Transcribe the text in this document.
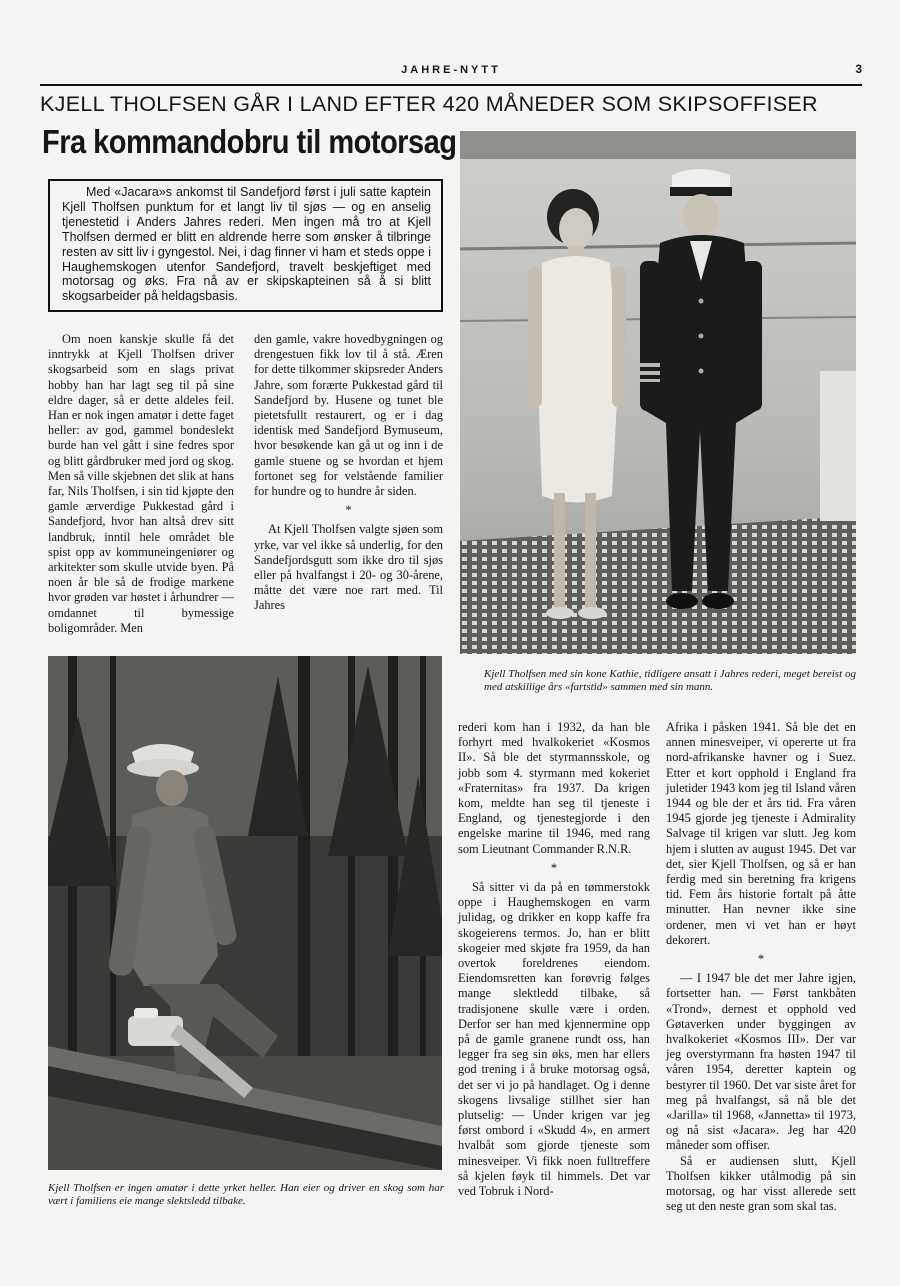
JAHRE-NYTT	3
KJELL THOLFSEN GÅR I LAND EFTER 420 MÅNEDER SOM SKIPSOFFISER
Fra kommandobru til motorsag
Med «Jacara»s ankomst til Sandefjord først i juli satte kaptein Kjell Tholfsen punktum for et langt liv til sjøs — og en anselig tjenestetid i Anders Jahres rederi. Men ingen må tro at Kjell Tholfsen dermed er blitt en aldrende herre som ønsker å tilbringe resten av sitt liv i gyngestol. Nei, i dag finner vi ham et steds oppe i Haughemskogen utenfor Sandefjord, travelt beskjeftiget med motorsag og øks. Fra nå av er skipskapteinen så å si blitt skogsarbeider på heldagsbasis.

Om noen kanskje skulle få det inntrykk at Kjell Tholfsen driver skogsarbeid som en slags privat hobby han har lagt seg til på sine eldre dager, så er dette aldeles feil. Han er nok ingen amatør i dette faget heller: av god, gammel bondeslekt burde han vel gått i sine fedres spor og blitt gårdbruker med jord og skog. Men så ville skjebnen det slik at hans far, Nils Tholfsen, i sin tid kjøpte den gamle ærverdige Pukkestad gård i Sandefjord, hvor han altså drev sitt landbruk, inntil hele området ble spist opp av kommuneingeniører og arkitekter som skulle utvide byen. På noen år ble så de frodige markene hvor grøden var høstet i århundrer — omdannet til bymessige boligområder. Men

den gamle, vakre hovedbygningen og drengestuen fikk lov til å stå. Æren for dette tilkommer skipsreder Anders Jahre, som forærte Pukkestad gård til Sandefjord by. Husene og tunet ble pietetsfullt restaurert, og er i dag identisk med Sandefjord Bymuseum, hvor besøkende kan gå ut og inn i de gamle stuene og se hvordan et hjem fortonet seg for velstående familier for hundre og to hundre år siden.

*

At Kjell Tholfsen valgte sjøen som yrke, var vel ikke så underlig, for den Sandefjordsgutt som ikke dro til sjøs eller på hvalfangst i 20- og 30-årene, måtte det være noe rart med. Til Jahres

Kjell Tholfsen med sin kone Kathie, tidligere ansatt i Jahres rederi, meget bereist og med atskillige års «fartstid» sammen med sin mann.
Kjell Tholfsen er ingen amatør i dette yrket heller. Han eier og driver en skog som har vært i familiens eie mange slektsledd tilbake.

rederi kom han i 1932, da han ble forhyrt med hvalkokeriet «Kosmos II». Så ble det styrmannsskole, og jobb som 4. styrmann med kokeriet «Fraternitas» fra 1937. Da krigen kom, meldte han seg til tjeneste i England, og tjenestegjorde i den engelske marine til 1946, med rang som Lieutnant Commander R.N.R.

*

Så sitter vi da på en tømmerstokk oppe i Haughemskogen en varm julidag, og drikker en kopp kaffe fra skogeierens termos. Jo, han er blitt skogeier med skjøte fra 1959, da han overtok foreldrenes eiendom. Eiendomsretten kan forøvrig følges mange slektledd tilbake, så tradisjonene skulle være i orden. Derfor ser han med kjennermine opp på de gamle granene rundt oss, han legger fra seg sin øks, men har ellers god trening i å bruke motorsag også, det ser vi jo på handlaget. Og i denne skogens livsalige stillhet sier han plutselig: — Under krigen var jeg først ombord i «Skudd 4», en armert hvalbåt som gjorde tjeneste som minesveiper. Vi fikk noen fulltreffere så kjelen føyk til himmels. Det var ved Tobruk i Nord-

Afrika i påsken 1941. Så ble det en annen minesveiper, vi opererte ut fra nord-afrikanske havner og i Suez. Etter et kort opphold i England fra juletider 1943 kom jeg til Island våren 1944 og ble der et års tid. Fra våren 1945 gjorde jeg tjeneste i Admirality Salvage til krigen var slutt. Jeg kom hjem i slutten av august 1945. Det var det, sier Kjell Tholfsen, og så er han ferdig med sin beretning fra krigens tid. Fem års historie fortalt på åtte minutter. Han nevner ikke sine ordener, men vi vet han er høyt dekorert.

*

— I 1947 ble det mer Jahre igjen, fortsetter han. — Først tankbåten «Trond», dernest et opphold ved Gøtaverken under byggingen av hvalkokeriet «Kosmos III». Der var jeg overstyrmann fra høsten 1947 til våren 1954, deretter kaptein og bestyrer til 1960. Det var siste året for meg på hvalfangst, så nå ble det «Jarilla» til 1968, «Jannetta» til 1973, og nå sist «Jacara». Jeg har 420 måneder som offiser.

Så er audiensen slutt, Kjell Tholfsen kikker utålmodig på sin motorsag, og har visst allerede sett seg ut den neste gran som skal tas.
